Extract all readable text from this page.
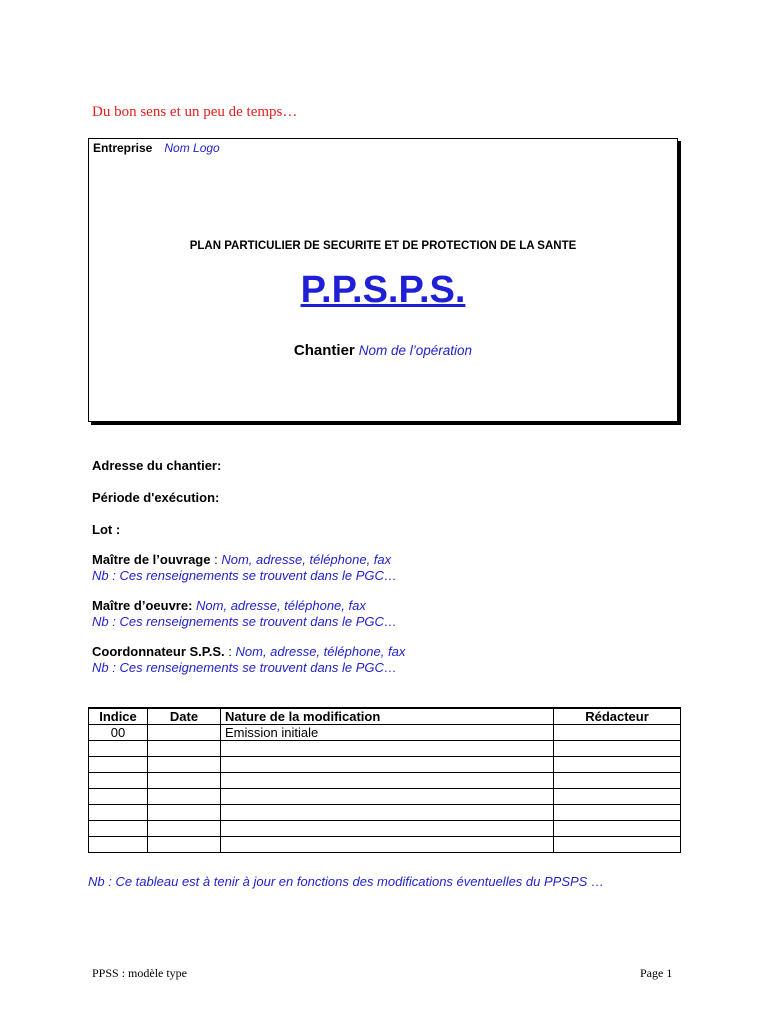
Du bon sens et un peu de temps…
Entreprise Nom Logo
PLAN PARTICULIER DE SECURITE ET DE PROTECTION DE LA SANTE
P.P.S.P.S.
Chantier Nom de l’opération
Adresse du chantier:
Période d'exécution:
Lot :
Maître de l’ouvrage : Nom, adresse, téléphone, fax
Nb : Ces renseignements se trouvent dans le PGC…
Maître d’oeuvre: Nom, adresse, téléphone, fax
Nb : Ces renseignements se trouvent dans le PGC…
Coordonnateur S.P.S. : Nom, adresse, téléphone, fax
Nb : Ces renseignements se trouvent dans le PGC…
Indice	Date	Nature de la modification	Rédacteur
00		Emission initiale	

Nb : Ce tableau est à tenir à jour en fonctions des modifications éventuelles du PPSPS …
PPSS : modèle type	Page 1
